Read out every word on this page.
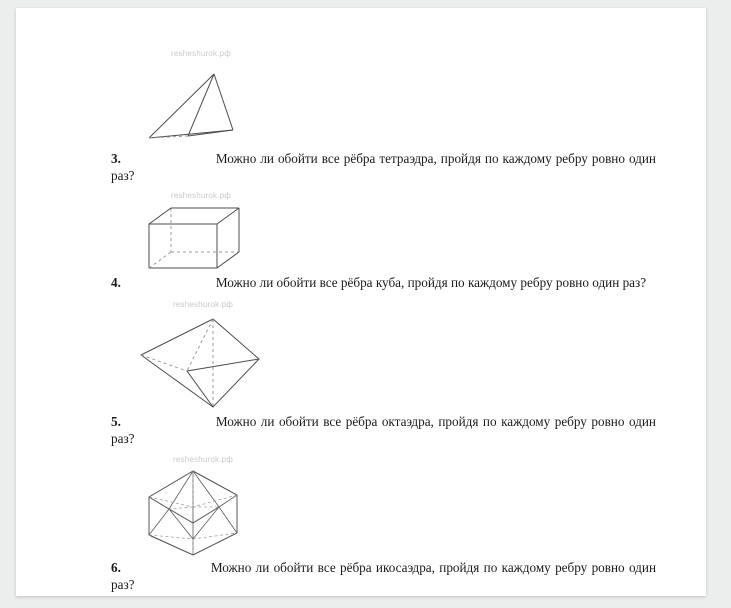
resheshurok.рф

3.	Можно ли обойти все рёбра тетраэдра, пройдя по каждому ребру ровно один раз?

resheshurok.рф

4.	Можно ли обойти все рёбра куба, пройдя по каждому ребру ровно один раз?

resheshurok.рф

5.	Можно ли обойти все рёбра октаэдра, пройдя по каждому ребру ровно один раз?

resheshurok.рф

6.	Можно ли обойти все рёбра икосаэдра, пройдя по каждому ребру ровно один раз?
